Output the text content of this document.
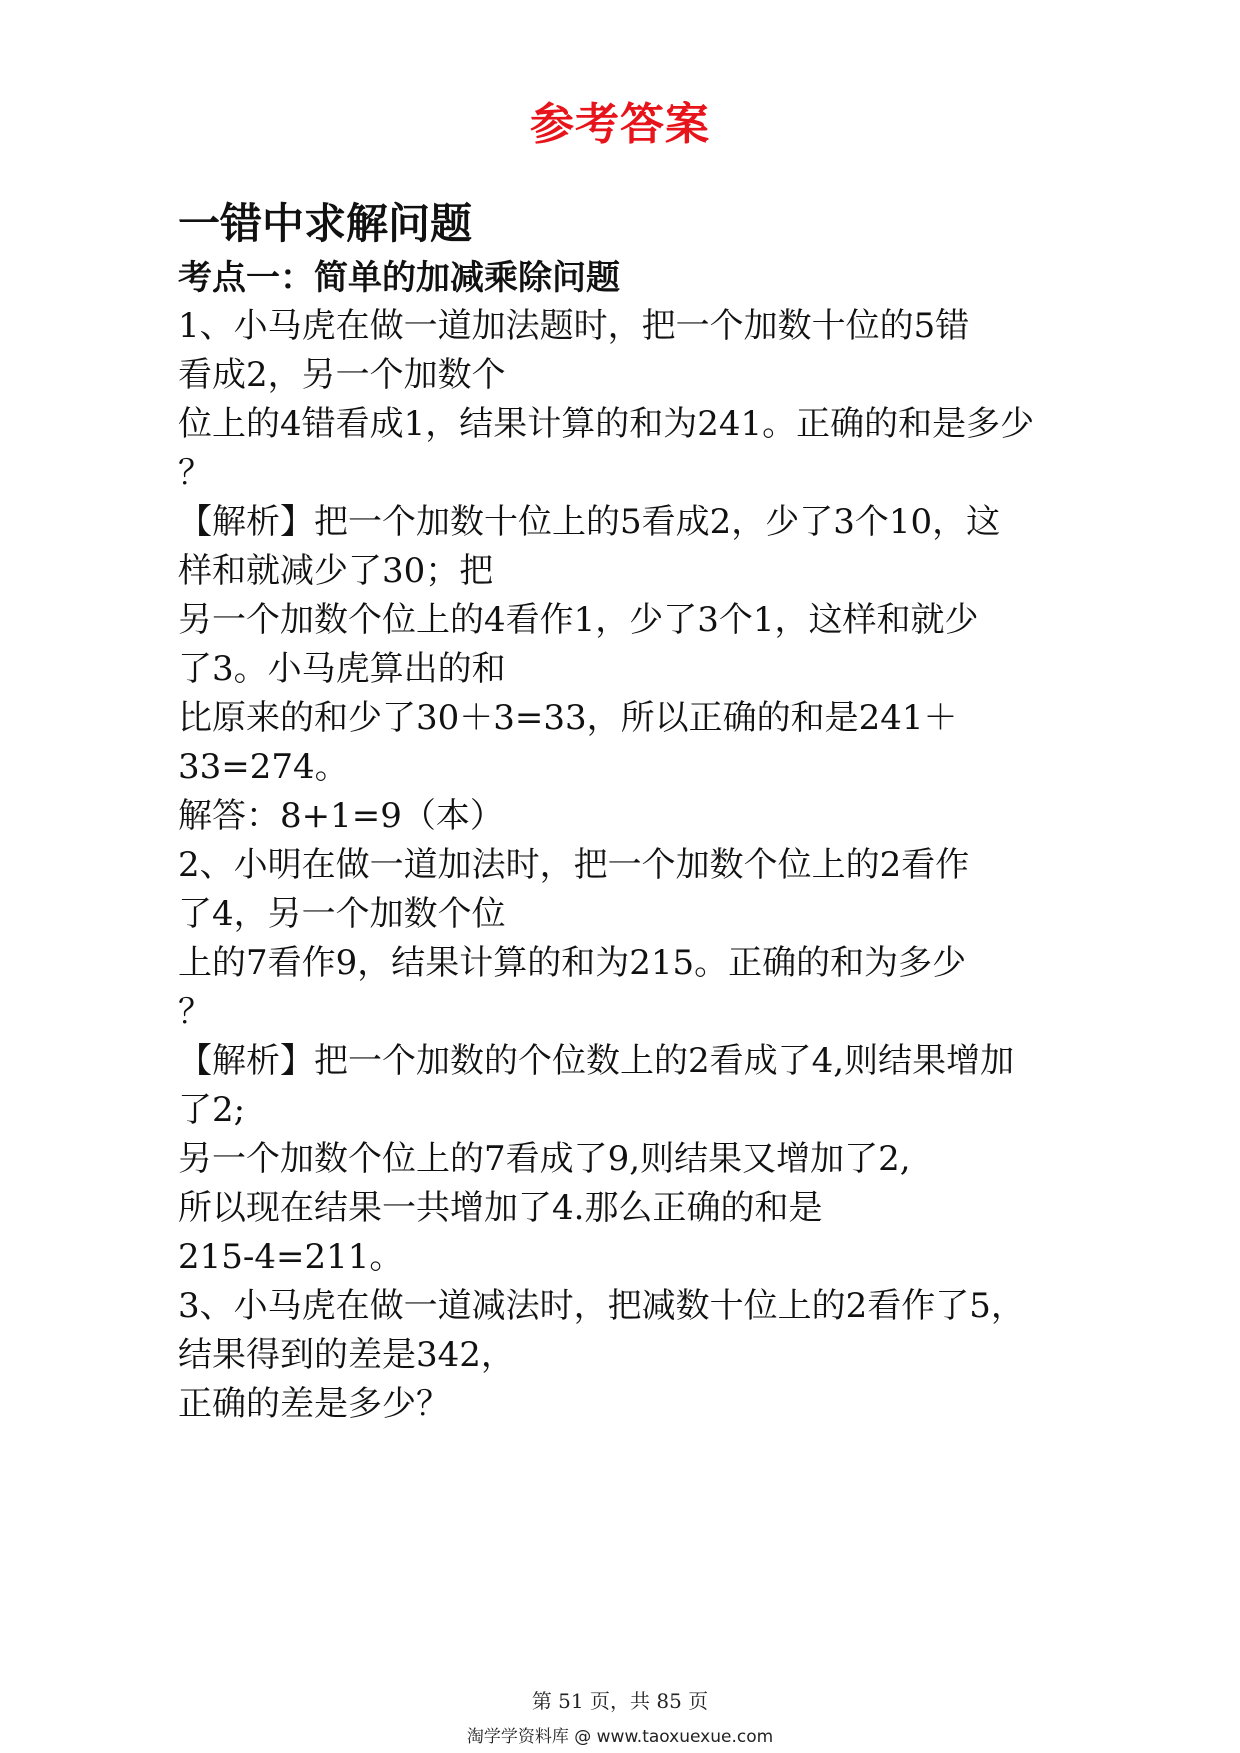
参考答案
一错中求解问题
考点一：简单的加减乘除问题
1、小马虎在做一道加法题时，把一个加数十位的5错
看成2，另一个加数个
位上的4错看成1，结果计算的和为241。正确的和是多少
？
【解析】把一个加数十位上的5看成2，少了3个10，这
样和就减少了30；把
另一个加数个位上的4看作1，少了3个1，这样和就少
了3。小马虎算出的和
比原来的和少了30＋3=33，所以正确的和是241＋
33=274。
解答：8+1=9（本）
2、小明在做一道加法时，把一个加数个位上的2看作
了4，另一个加数个位
上的7看作9，结果计算的和为215。正确的和为多少
？
【解析】把一个加数的个位数上的2看成了4,则结果增加
了2;
另一个加数个位上的7看成了9,则结果又增加了2,
所以现在结果一共增加了4.那么正确的和是
215-4=211。
3、小马虎在做一道减法时，把减数十位上的2看作了5，
结果得到的差是342，
正确的差是多少？
第 51 页，共 85 页
淘学学资料库 @ www.taoxuexue.com
